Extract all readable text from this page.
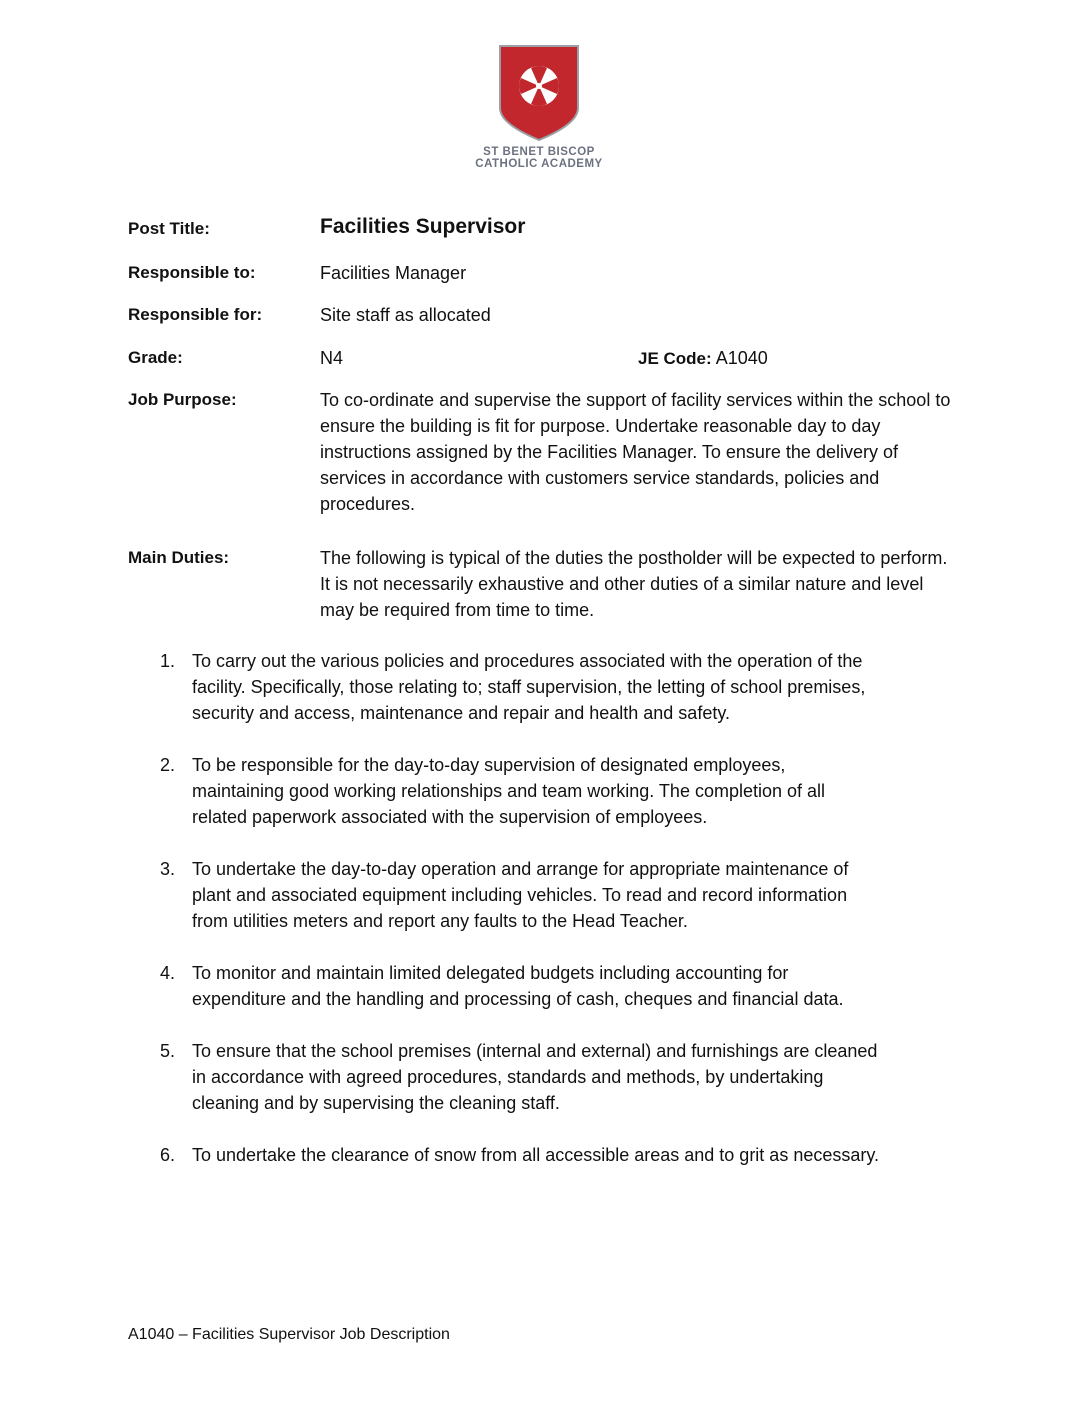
ST BENET BISCOP
CATHOLIC ACADEMY
Post Title:	Facilities Supervisor
Responsible to:	Facilities Manager
Responsible for:	Site staff as allocated
Grade:	N4	JE Code: A1040
Job Purpose:	To co-ordinate and supervise the support of facility services within the school to ensure the building is fit for purpose. Undertake reasonable day to day instructions assigned by the Facilities Manager. To ensure the delivery of services in accordance with customers service standards, policies and procedures.
Main Duties:	The following is typical of the duties the postholder will be expected to perform. It is not necessarily exhaustive and other duties of a similar nature and level may be required from time to time.
1. To carry out the various policies and procedures associated with the operation of the facility. Specifically, those relating to; staff supervision, the letting of school premises, security and access, maintenance and repair and health and safety.
2. To be responsible for the day-to-day supervision of designated employees, maintaining good working relationships and team working. The completion of all related paperwork associated with the supervision of employees.
3. To undertake the day-to-day operation and arrange for appropriate maintenance of plant and associated equipment including vehicles. To read and record information from utilities meters and report any faults to the Head Teacher.
4. To monitor and maintain limited delegated budgets including accounting for expenditure and the handling and processing of cash, cheques and financial data.
5. To ensure that the school premises (internal and external) and furnishings are cleaned in accordance with agreed procedures, standards and methods, by undertaking cleaning and by supervising the cleaning staff.
6. To undertake the clearance of snow from all accessible areas and to grit as necessary.
A1040 – Facilities Supervisor Job Description
